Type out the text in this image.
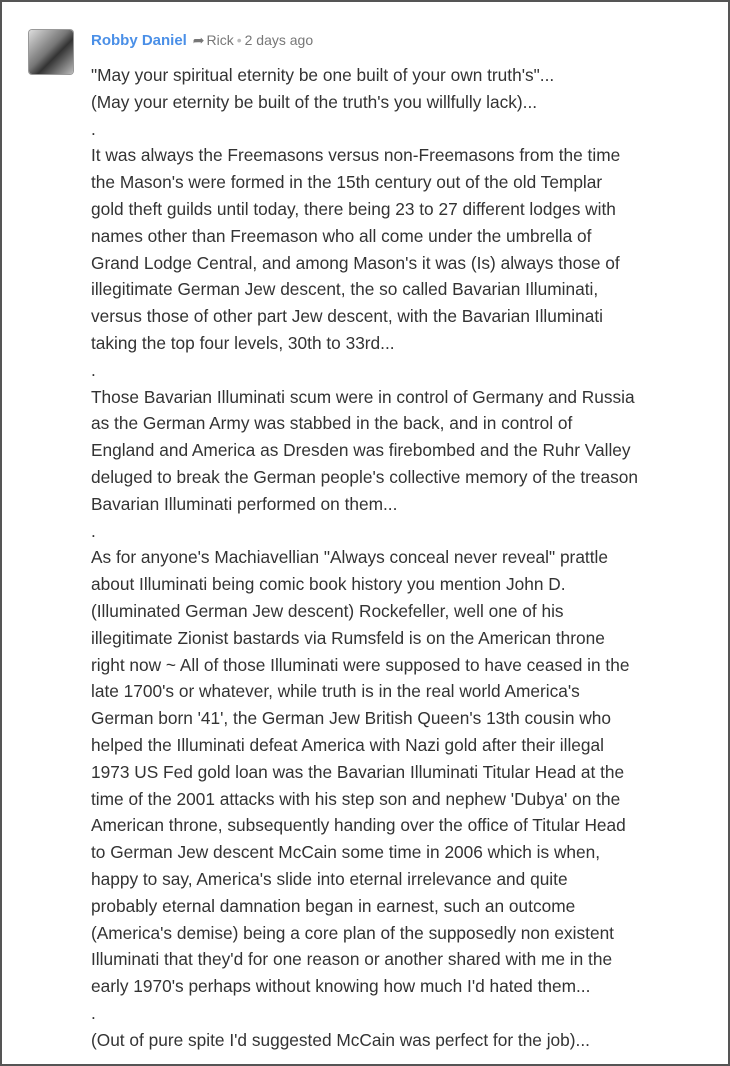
Robby Daniel ➦ Rick • 2 days ago
"May your spiritual eternity be one built of your own truth's"...
(May your eternity be built of the truth's you willfully lack)...
.
It was always the Freemasons versus non-Freemasons from the time
the Mason's were formed in the 15th century out of the old Templar
gold theft guilds until today, there being 23 to 27 different lodges with
names other than Freemason who all come under the umbrella of
Grand Lodge Central, and among Mason's it was (Is) always those of
illegitimate German Jew descent, the so called Bavarian Illuminati,
versus those of other part Jew descent, with the Bavarian Illuminati
taking the top four levels, 30th to 33rd...
.
Those Bavarian Illuminati scum were in control of Germany and Russia
as the German Army was stabbed in the back, and in control of
England and America as Dresden was firebombed and the Ruhr Valley
deluged to break the German people's collective memory of the treason
Bavarian Illuminati performed on them...
.
As for anyone's Machiavellian "Always conceal never reveal" prattle
about Illuminati being comic book history you mention John D.
(Illuminated German Jew descent) Rockefeller, well one of his
illegitimate Zionist bastards via Rumsfeld is on the American throne
right now ~ All of those Illuminati were supposed to have ceased in the
late 1700's or whatever, while truth is in the real world America's
German born '41', the German Jew British Queen's 13th cousin who
helped the Illuminati defeat America with Nazi gold after their illegal
1973 US Fed gold loan was the Bavarian Illuminati Titular Head at the
time of the 2001 attacks with his step son and nephew 'Dubya' on the
American throne, subsequently handing over the office of Titular Head
to German Jew descent McCain some time in 2006 which is when,
happy to say, America's slide into eternal irrelevance and quite
probably eternal damnation began in earnest, such an outcome
(America's demise) being a core plan of the supposedly non existent
Illuminati that they'd for one reason or another shared with me in the
early 1970's perhaps without knowing how much I'd hated them...
.
(Out of pure spite I'd suggested McCain was perfect for the job)...
